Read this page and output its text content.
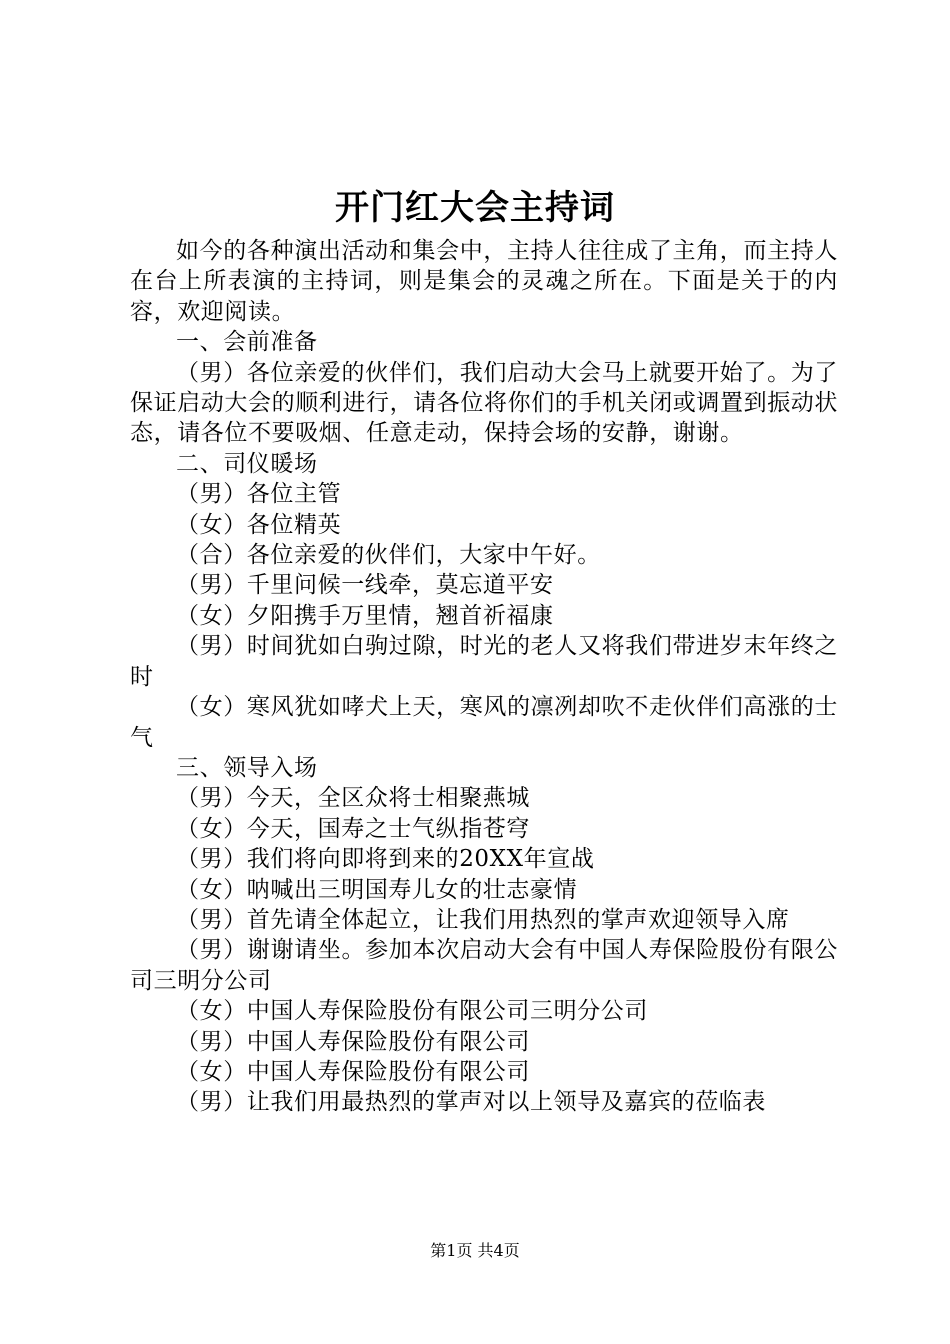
开门红大会主持词

如今的各种演出活动和集会中，主持人往往成了主角，而主持人在台上所表演的主持词，则是集会的灵魂之所在。下面是关于的内容，欢迎阅读。

一、会前准备

（男）各位亲爱的伙伴们，我们启动大会马上就要开始了。为了保证启动大会的顺利进行，请各位将你们的手机关闭或调置到振动状态，请各位不要吸烟、任意走动，保持会场的安静，谢谢。

二、司仪暖场

（男）各位主管

（女）各位精英

（合）各位亲爱的伙伴们，大家中午好。

（男）千里问候一线牵，莫忘道平安

（女）夕阳携手万里情，翘首祈福康

（男）时间犹如白驹过隙，时光的老人又将我们带进岁末年终之时

（女）寒风犹如哮犬上天，寒风的凛冽却吹不走伙伴们高涨的士气

三、领导入场

（男）今天，全区众将士相聚燕城

（女）今天，国寿之士气纵指苍穹

（男）我们将向即将到来的20XX年宣战

（女）呐喊出三明国寿儿女的壮志豪情

（男）首先请全体起立，让我们用热烈的掌声欢迎领导入席

（男）谢谢请坐。参加本次启动大会有中国人寿保险股份有限公司三明分公司

（女）中国人寿保险股份有限公司三明分公司

（男）中国人寿保险股份有限公司

（女）中国人寿保险股份有限公司

（男）让我们用最热烈的掌声对以上领导及嘉宾的莅临表

第1页 共4页
